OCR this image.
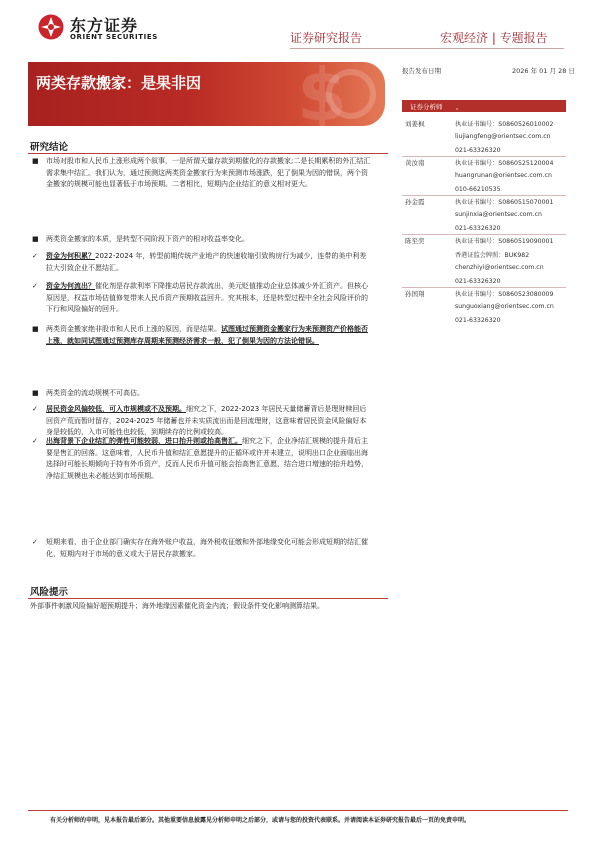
东方证券
ORIENT SECURITIES	证券研究报告	宏观经济 | 专题报告
$
两类存款搬家：是果非因
报告发布日期	2026 年 01 月 28 日
证券分析师 。
刘姜枫	执业证书编号：S0860526010002
liujiangfeng@orientsec.com.cn
021-63326320
黄汝南	执业证书编号：S0860525120004
huangrunan@orientsec.com.cn
010-66210535
孙金霞	执业证书编号：S0860515070001
sunjinxia@orientsec.com.cn
021-63326320
陈至奕	执业证书编号：S0860519090001
香港证监会牌照：BUK982
chenzhiyi@orientsec.com.cn
021-63326320
孙国翔	执业证书编号：S0860523080009
sunguoxiang@orientsec.com.cn
021-63326320
研究结论
■ 市场对股市和人民币上涨形成两个叙事，一是所谓天量存款到期催化的存款搬家;二是长期累积的外汇结汇需求集中结汇。我们认为，通过预测这两类资金搬家行为来预测市场涨跌，犯了倒果为因的错误，两个资金搬家的规模可能也显著低于市场预期。二者相比，短期内企业结汇的意义相对更大。
■ 两类资金搬家的本质，是转型不同阶段下资产的相对收益率变化。
✓	资金为何积累？2022-2024 年，转型前期传统产业地产的快速收缩引致购房行为减少，连带的美中利差拉大引致企业不愿结汇。
✓	资金为何流出？催化剂是存款利率下降推动居民存款流出，美元贬值推动企业总体减少外汇资产。但核心原因是，权益市场估值修复带来人民币资产预期收益回升。究其根本，还是转型过程中全社会风险评价的下行和风险偏好的回升。
■ 两类资金搬家绝非股市和人民币上涨的原因，而是结果。试图通过预测资金搬家行为来预测资产价格能否上涨，就如同试图通过预测库存周期来预测经济需求一般，犯了倒果为因的方法论错误。
■ 两类资金的流动规模不可高估。
✓	居民资金风偏较低，可入市规模或不及预期。细究之下，2022-2023 年居民天量储蓄背后是理财赎回后回资产荒而暂时留存，2024-2025 年储蓄也并未实质流出而是回流理财，这意味着居民资金风险偏好本身是较低的，入市可能性也较低，到期续存的比例或较高。
✓	出海背景下企业结汇的弹性可能较弱，进口抬升则或抬高售汇。细究之下，企业净结汇规模的提升背后主要是售汇的回落。这意味着，人民币升值和结汇意愿提升的正循环或许并未建立，说明出口企业面临出海选择时可能长期倾向于持有外币资产，反而人民币升值可能会抬高售汇意愿，结合进口增速的抬升趋势，净结汇规模也未必能达到市场预期。
✓	短期来看，由于企业部门确实存在海外账户收益，海外税收征缴和外部地缘变化可能会形成短期的结汇催化，短期内对于市场的意义或大于居民存款搬家。
风险提示
外部事件刺激风险偏好超预期提升；海外地缘因素催化资金内流；假设条件变化影响测算结果。
有关分析师的申明，见本报告最后部分。其他重要信息披露见分析师申明之后部分，或请与您的投资代表联系。并请阅读本证券研究报告最后一页的免责申明。
